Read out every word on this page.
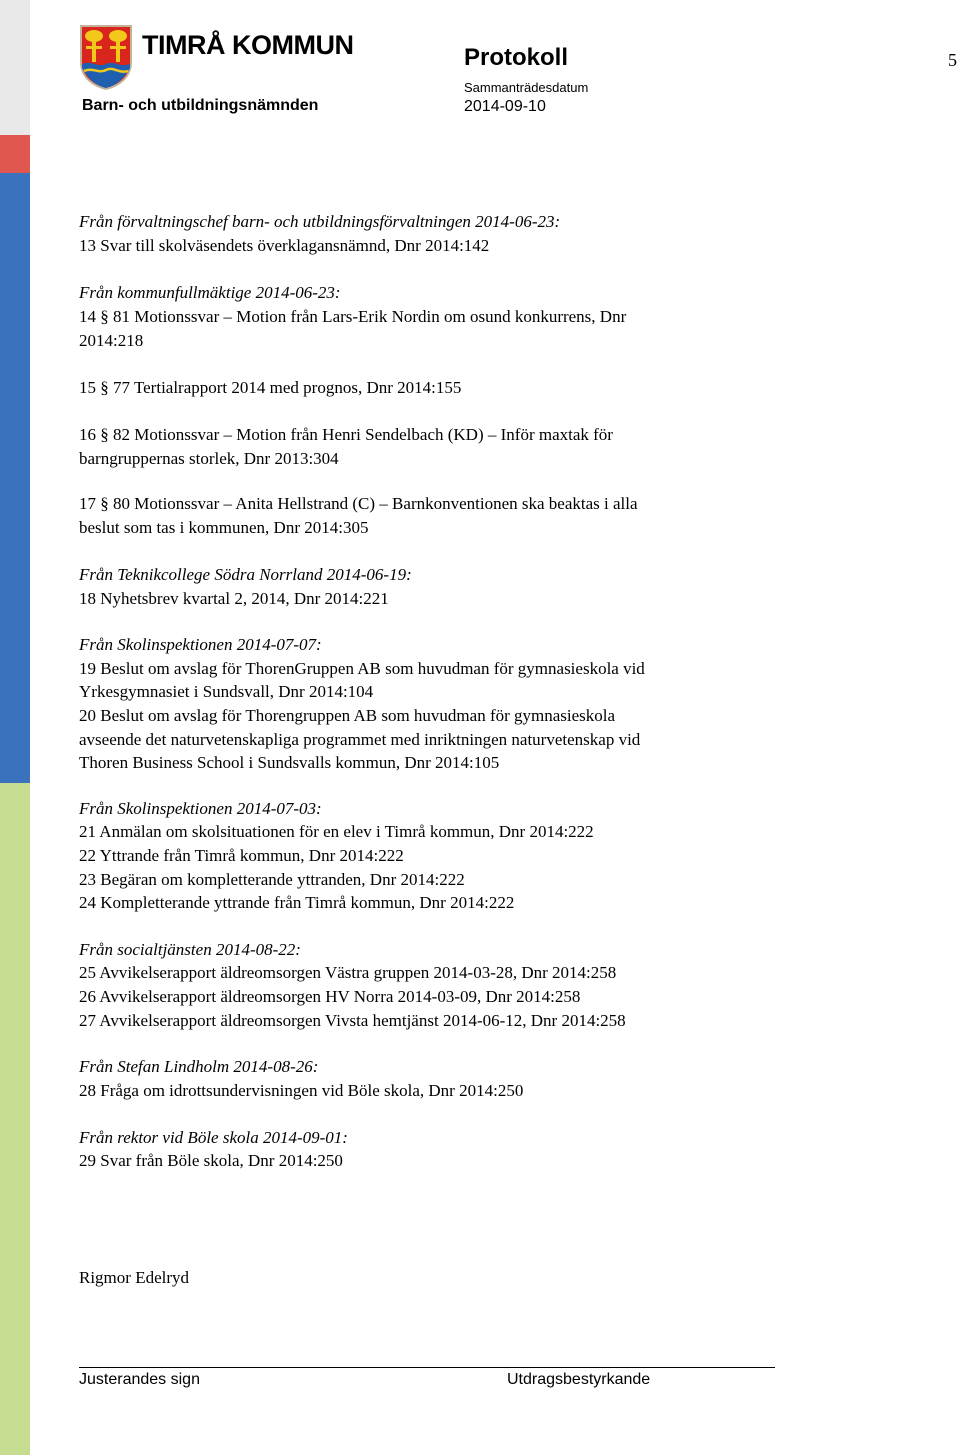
TIMRÅ KOMMUN
Barn- och utbildningsnämnden
Protokoll
Sammanträdesdatum
2014-09-10
5
Från förvaltningschef barn- och utbildningsförvaltningen 2014-06-23:
13 Svar till skolväsendets överklagansnämnd, Dnr 2014:142
Från kommunfullmäktige 2014-06-23:
14 § 81 Motionssvar – Motion från Lars-Erik Nordin om osund konkurrens, Dnr
2014:218
15 § 77 Tertialrapport 2014 med prognos, Dnr 2014:155
16 § 82 Motionssvar – Motion från Henri Sendelbach (KD) – Inför maxtak för
barngruppernas storlek, Dnr 2013:304
17 § 80 Motionssvar – Anita Hellstrand (C) – Barnkonventionen ska beaktas i alla
beslut som tas i kommunen, Dnr 2014:305
Från Teknikcollege Södra Norrland 2014-06-19:
18 Nyhetsbrev kvartal 2, 2014, Dnr 2014:221
Från Skolinspektionen 2014-07-07:
19 Beslut om avslag för ThorenGruppen AB som huvudman för gymnasieskola vid
Yrkesgymnasiet i Sundsvall, Dnr 2014:104
20 Beslut om avslag för Thorengruppen AB som huvudman för gymnasieskola
avseende det naturvetenskapliga programmet med inriktningen naturvetenskap vid
Thoren Business School i Sundsvalls kommun, Dnr 2014:105
Från Skolinspektionen 2014-07-03:
21 Anmälan om skolsituationen för en elev i Timrå kommun, Dnr 2014:222
22 Yttrande från Timrå kommun, Dnr 2014:222
23 Begäran om kompletterande yttranden, Dnr 2014:222
24 Kompletterande yttrande från Timrå kommun, Dnr 2014:222
Från socialtjänsten 2014-08-22:
25 Avvikelserapport äldreomsorgen Västra gruppen 2014-03-28, Dnr 2014:258
26 Avvikelserapport äldreomsorgen HV Norra 2014-03-09, Dnr 2014:258
27 Avvikelserapport äldreomsorgen Vivsta hemtjänst 2014-06-12, Dnr 2014:258
Från Stefan Lindholm 2014-08-26:
28 Fråga om idrottsundervisningen vid Böle skola, Dnr 2014:250
Från rektor vid Böle skola 2014-09-01:
29 Svar från Böle skola, Dnr 2014:250
Rigmor Edelryd
Justerandes sign	Utdragsbestyrkande
